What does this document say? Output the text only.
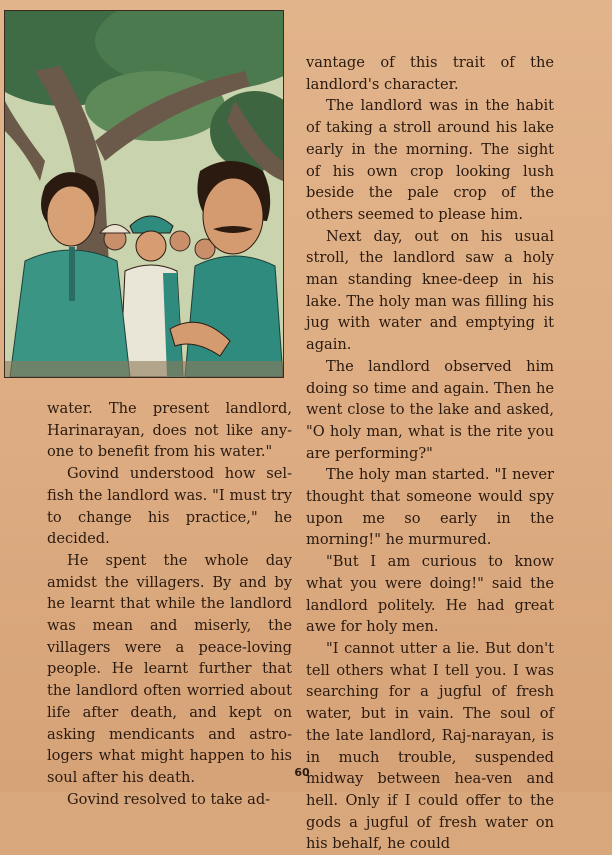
water. The present landlord, Harinarayan, does not like any-one to benefit from his water."

Govind understood how sel-fish the landlord was. "I must try to change his practice," he decided.

He spent the whole day amidst the villagers. By and by he learnt that while the landlord was mean and miserly, the villagers were a peace-loving people. He learnt further that the landlord often worried about life after death, and kept on asking mendicants and astro-logers what might happen to his soul after his death.

Govind resolved to take ad-

vantage of this trait of the landlord's character.

The landlord was in the habit of taking a stroll around his lake early in the morning. The sight of his own crop looking lush beside the pale crop of the others seemed to please him.

Next day, out on his usual stroll, the landlord saw a holy man standing knee-deep in his lake. The holy man was filling his jug with water and emptying it again.

The landlord observed him doing so time and again. Then he went close to the lake and asked, "O holy man, what is the rite you are performing?"

The holy man started. "I never thought that someone would spy upon me so early in the morning!" he murmured.

"But I am curious to know what you were doing!" said the landlord politely. He had great awe for holy men.

"I cannot utter a lie. But don't tell others what I tell you. I was searching for a jugful of fresh water, but in vain. The soul of the late landlord, Raj-narayan, is in much trouble, suspended midway between hea-ven and hell. Only if I could offer to the gods a jugful of fresh water on his behalf, he could

60
